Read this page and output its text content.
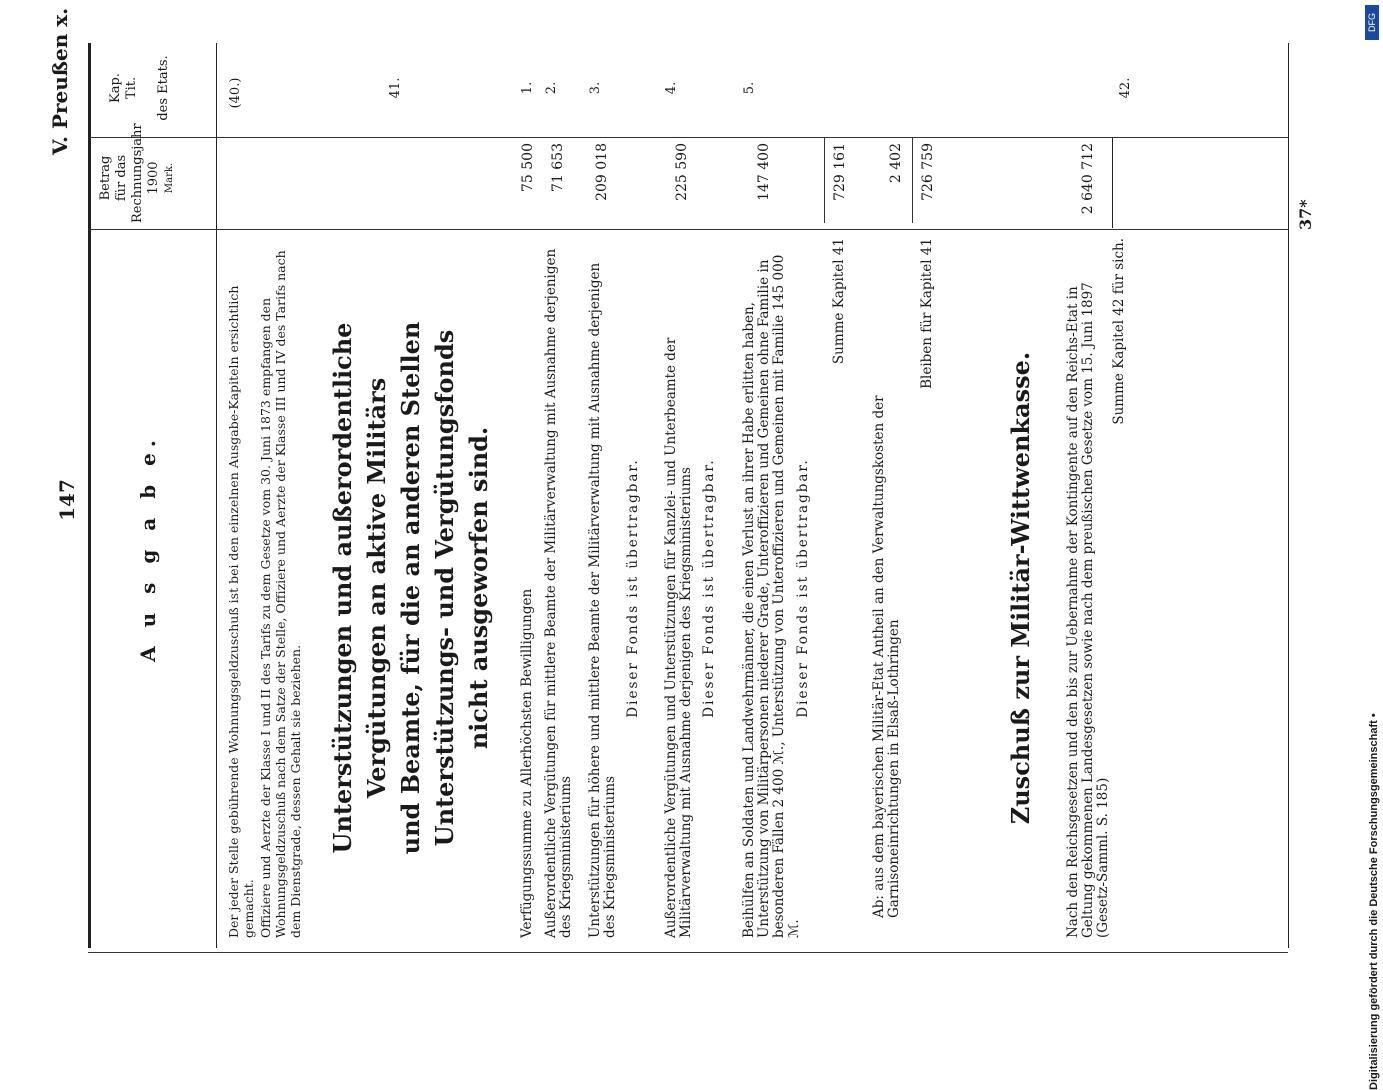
147
V. Preußen x.	Kap. Tit. des Etats.
A u s g a b e.
Betrag für das Rechnungsjahr 1900 Mark.
(40.)
Der jeder Stelle gebührende Wohnungsgeldzuschuß ist bei den einzelnen Ausgabe-Kapiteln ersichtlich gemacht. Offiziere und Aerzte der Klasse I und II des Tarifs zu dem Gesetze vom 30. Juni 1873 empfangen den Wohnungsgeldzuschuß nach dem Satze der Stelle, Offiziere und Aerzte der Klasse III und IV des Tarifs nach dem Dienstgrade, dessen Gehalt sie beziehen.
41.
Unterstützungen und außerordentliche Vergütungen an aktive Militärs und Beamte, für die an anderen Stellen Unterstützungs- und Vergütungsfonds nicht ausgeworfen sind.
1.
Verfügungssumme zu Allerhöchsten Bewilligungen
75 500
2.
Außerordentliche Vergütungen für mittlere Beamte der Militärverwaltung mit Ausnahme derjenigen des Kriegsministeriums
71 653
3.
Unterstützungen für höhere und mittlere Beamte der Militärverwaltung mit Ausnahme derjenigen des Kriegsministeriums
209 018
Dieser Fonds ist übertragbar.
4.
Außerordentliche Vergütungen und Unterstützungen für Kanzlei- und Unterbeamte der Militärverwaltung mit Ausnahme derjenigen des Kriegsministeriums
225 590
Dieser Fonds ist übertragbar.
5.
Beihülfen an Soldaten und Landwehrmänner, die einen Verlust an ihrer Habe erlitten haben, Unterstützung von Militärpersonen niederer Grade, Unteroffizieren und Gemeinen ohne Familie in besonderen Fällen 2 400 ℳ., Unterstützung von Unteroffizieren und Gemeinen mit Familie 145 000 ℳ.
147 400
Dieser Fonds ist übertragbar.
Summe Kapitel 41
729 161
Ab: aus dem bayerischen Militär-Etat Antheil an den Verwaltungskosten der Garnisoneinrichtungen in Elsaß-Lothringen
2 402
Bleiben für Kapitel 41
726 759
42.
Zuschuß zur Militär-Wittwenkasse. Nach den Reichsgesetzen und den bis zur Uebernahme der Kontingente auf den Reichs-Etat in Geltung gekommenen Landesgesetzen sowie nach dem preußischen Gesetze vom 15. Juni 1897 (Gesetz-Samml. S. 185)
2 640 712
Summe Kapitel 42 für sich.
37*
Digitalisierung gefördert durch die Deutsche Forschungsgemeinschaft •
DFG
